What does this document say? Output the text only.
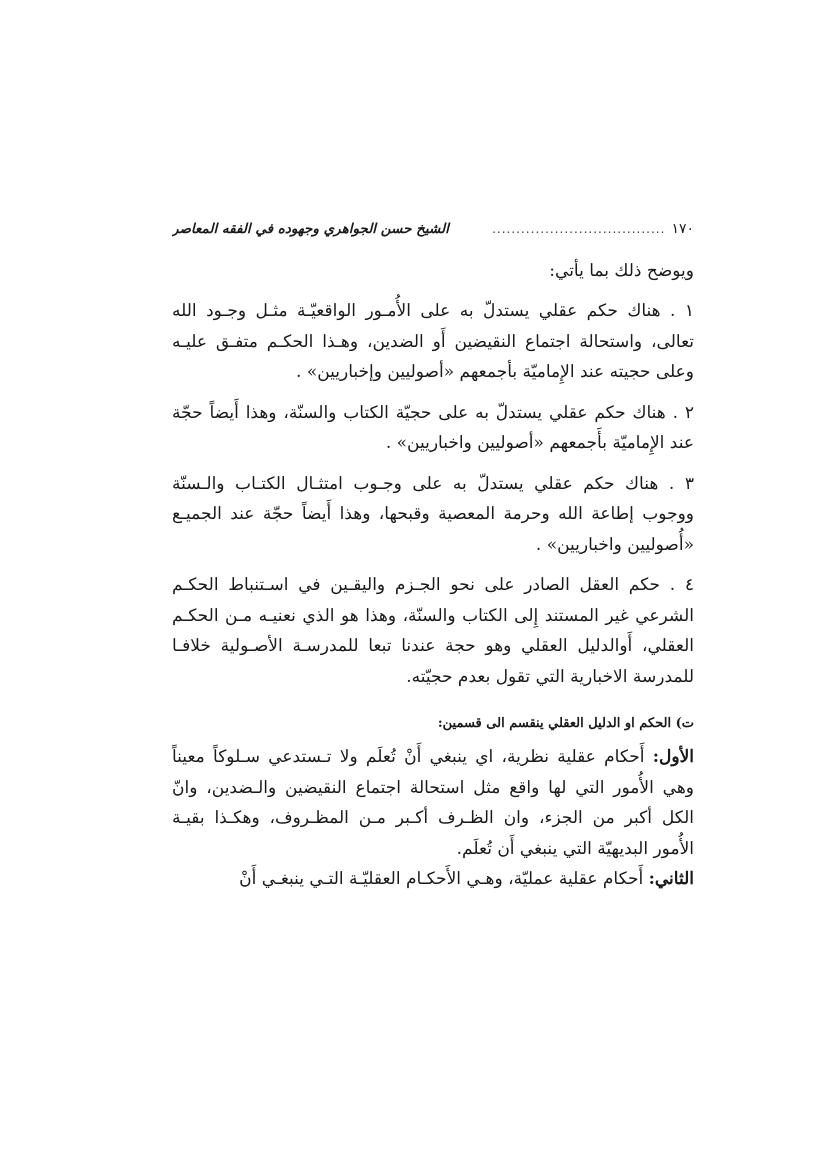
١٧٠
....................................
الشيخ حسن الجواهري وجهوده في الفقه المعاصر
ويوضح ذلك بما يأتي:
١ . هناك حكم عقلي يستدلّ به على الأُمـور الواقعيّـة مثـل وجـود الله تعالى، واستحالة اجتماع النقيضين أَو الضدين، وهـذا الحكـم متفـق عليـه وعلى حجيته عند الإِماميّة بأجمعهم «أصوليين وإخباريين» .
٢ . هناك حكم عقلي يستدلّ به على حجيّة الكتاب والسنّة، وهذا أَيضاً حجّة عند الإِماميّة بأَجمعهم «أصوليين واخباريين» .
٣ . هناك حكم عقلي يستدلّ به على وجـوب امتثـال الكتـاب والـسنّة ووجوب إطاعة الله وحرمة المعصية وقبحها، وهذا أَيضاً حجّة عند الجميـع «أُصوليين واخباريين» .
٤ . حكم العقل الصادر على نحو الجـزم واليقـين في اسـتنباط الحكـم الشرعي غير المستند إِلى الكتاب والسنّة، وهذا هو الذي نعنيـه مـن الحكـم العقلي، أَوالدليل العقلي وهو حجة عندنا تبعا للمدرسـة الأصـولية خلافـا للمدرسة الاخبارية التي تقول بعدم حجيّته.
ت) الحكم او الدليل العقلي ينقسم الى قسمين:
الأول: أَحكام عقلية نظرية، اي ينبغي أَنْ تُعلَم ولا تـستدعي سـلوكاً معيناً وهي الأُمور التي لها واقع مثل استحالة اجتماع النقيضين والـضدين، وانّ الكل أكبر من الجزء، وان الظـرف أكـبر مـن المظـروف، وهكـذا بقيـة الأُمور البديهيّة التي ينبغي أَن تُعلَم.
الثاني: أَحكام عقلية عمليّة، وهـي الأَحكـام العقليّـة التـي ينبغـي أَنْ
